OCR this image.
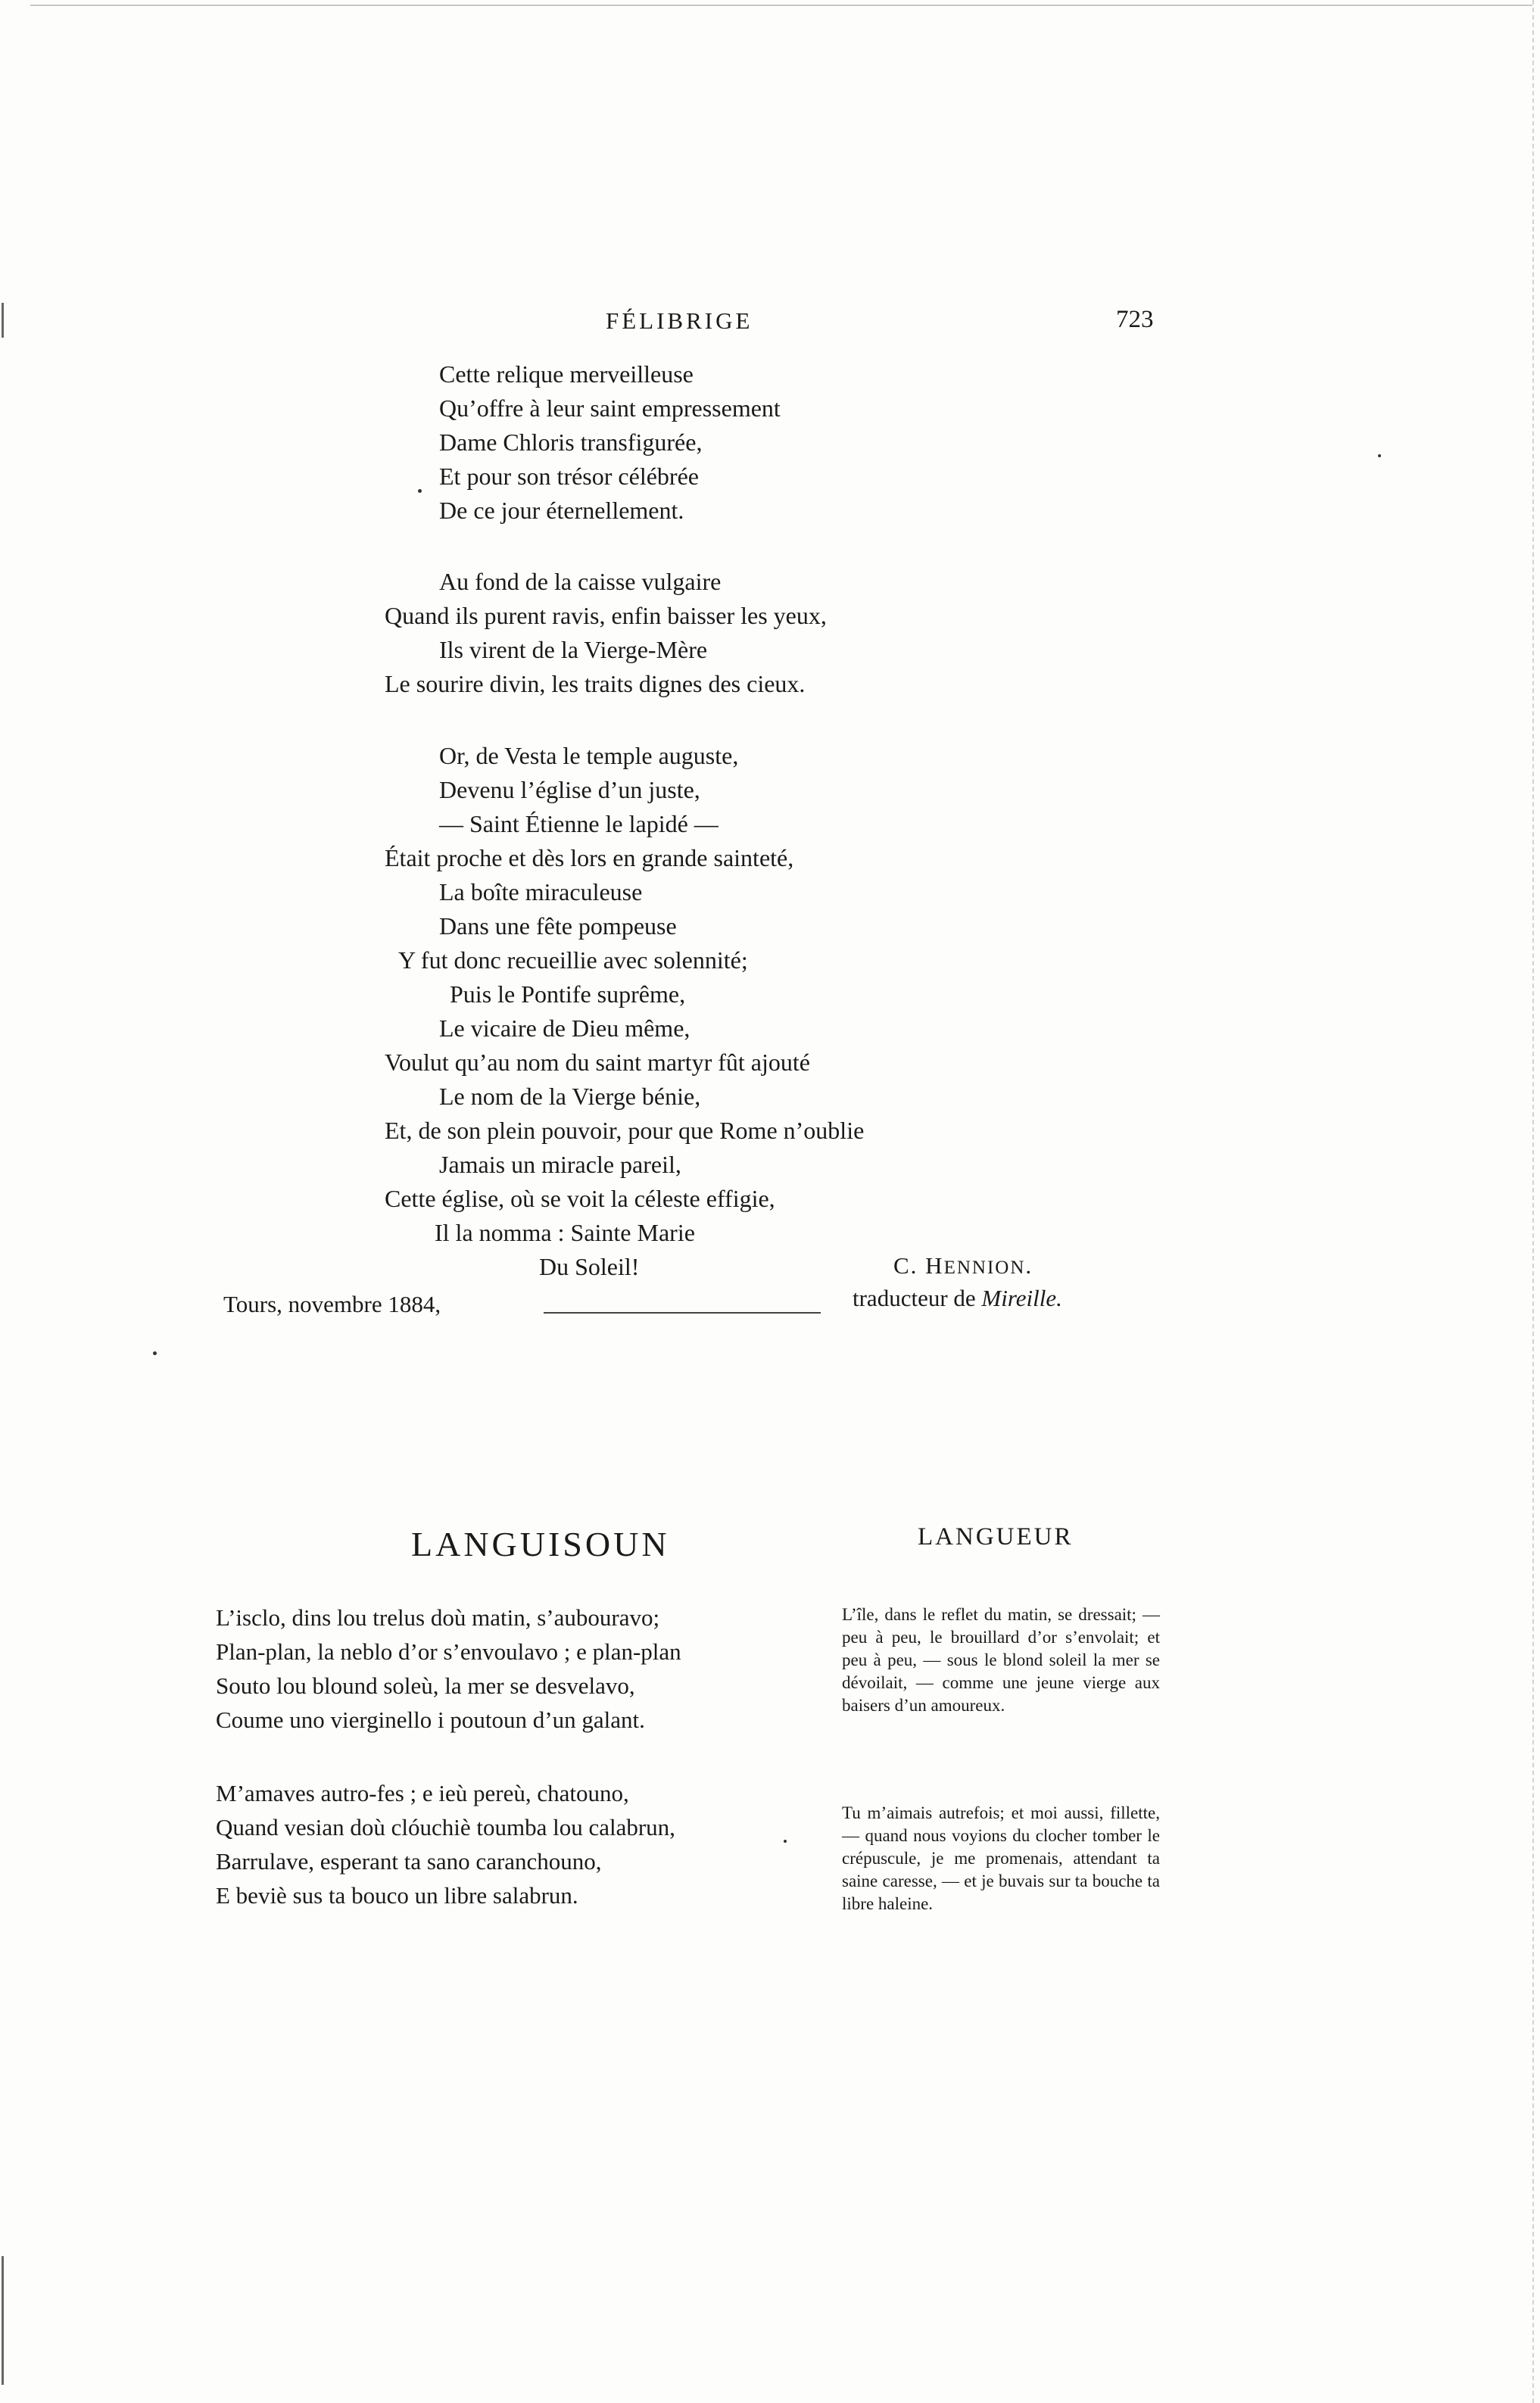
FÉLIBRIGE	723
Cette relique merveilleuse
Qu’offre à leur saint empressement
Dame Chloris transfigurée,
Et pour son trésor célébrée
De ce jour éternellement.
Au fond de la caisse vulgaire
Quand ils purent ravis, enfin baisser les yeux,
Ils virent de la Vierge-Mère
Le sourire divin, les traits dignes des cieux.
Or, de Vesta le temple auguste,
Devenu l’église d’un juste,
— Saint Étienne le lapidé —
Était proche et dès lors en grande sainteté,
La boîte miraculeuse
Dans une fête pompeuse
Y fut donc recueillie avec solennité;
Puis le Pontife suprême,
Le vicaire de Dieu même,
Voulut qu’au nom du saint martyr fût ajouté
Le nom de la Vierge bénie,
Et, de son plein pouvoir, pour que Rome n’oublie
Jamais un miracle pareil,
Cette église, où se voit la céleste effigie,
Il la nomma : Sainte Marie
Du Soleil!	C. HENNION.
Tours, novembre 1884,	traducteur de Mireille.
LANGUISOUN	LANGUEUR
L’isclo, dins lou trelus doù matin, s’aubouravo;
Plan-plan, la neblo d’or s’envoulavo ; e plan-plan
Souto lou blound soleù, la mer se desvelavo,
Coume uno vierginello i poutoun d’un galant.
M’amaves autro-fes ; e ieù pereù, chatouno,
Quand vesian doù clóuchiè toumba lou calabrun,
Barrulave, esperant ta sano caranchouno,
E beviè sus ta bouco un libre salabrun.
L’île, dans le reflet du matin, se dressait; — peu à peu, le brouillard d’or s’envolait; et peu à peu, — sous le blond soleil la mer se dévoilait, — comme une jeune vierge aux baisers d’un amoureux.
Tu m’aimais autrefois; et moi aussi, fillette, — quand nous voyions du clocher tomber le crépuscule, je me promenais, attendant ta saine caresse, — et je buvais sur ta bouche ta libre haleine.
